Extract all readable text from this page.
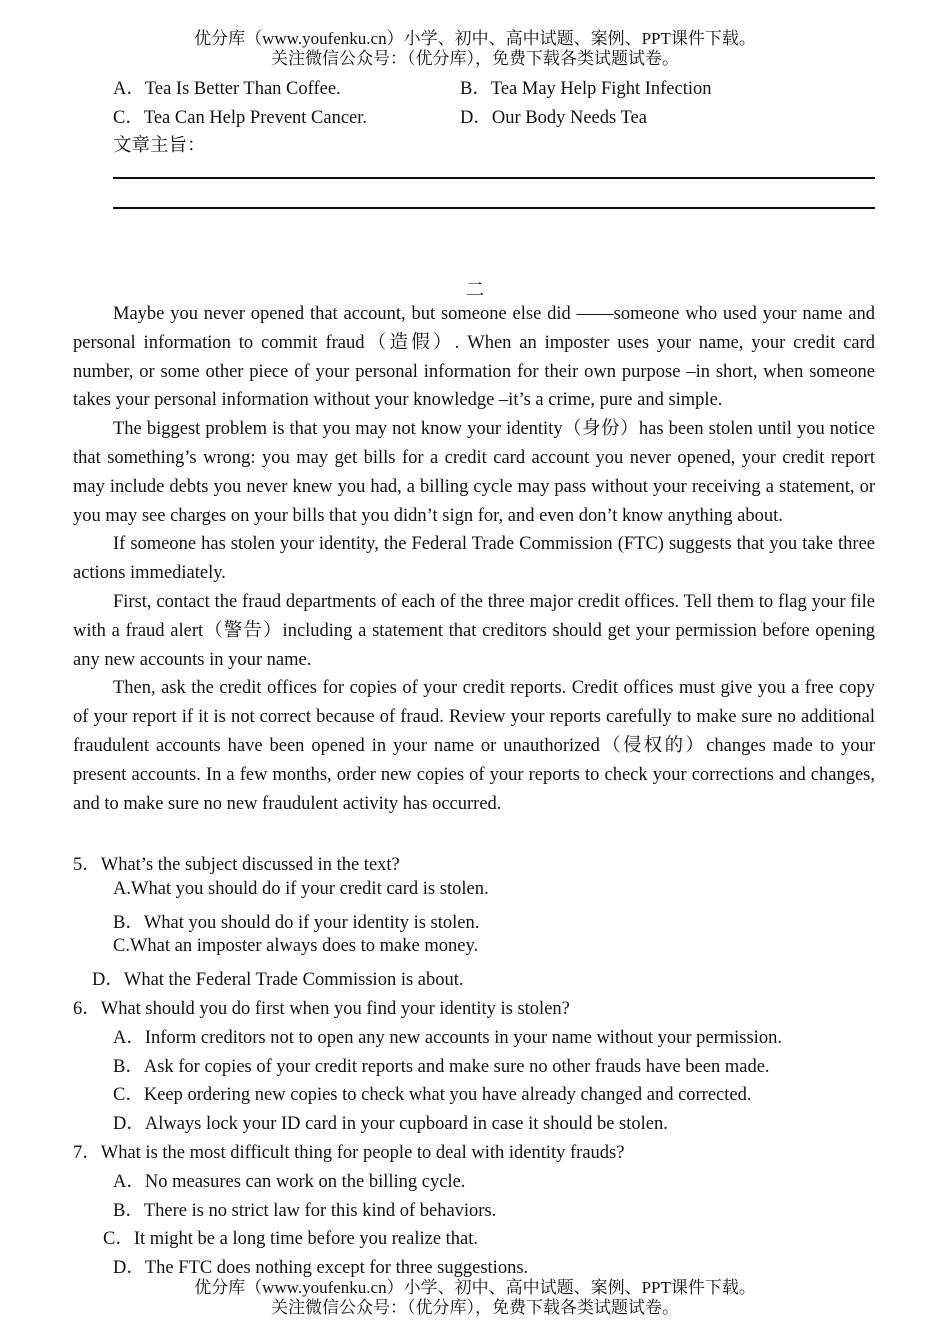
优分库（www.youfenku.cn）小学、初中、高中试题、案例、PPT课件下载。
关注微信公众号：（优分库），免费下载各类试题试卷。
A．Tea Is Better Than Coffee.	B．Tea May Help Fight Infection
C．Tea Can Help Prevent Cancer.	D．Our Body Needs Tea
文章主旨：
二

Maybe you never opened that account, but someone else did ——someone who used your name and personal information to commit fraud（造假）. When an imposter uses your name, your credit card number, or some other piece of your personal information for their own purpose –in short, when someone takes your personal information without your knowledge –it’s a crime, pure and simple.

The biggest problem is that you may not know your identity（身份）has been stolen until you notice that something’s wrong: you may get bills for a credit card account you never opened, your credit report may include debts you never knew you had, a billing cycle may pass without your receiving a statement, or you may see charges on your bills that you didn’t sign for, and even don’t know anything about.

If someone has stolen your identity, the Federal Trade Commission (FTC) suggests that you take three actions immediately.

First, contact the fraud departments of each of the three major credit offices. Tell them to flag your file with a fraud alert（警告）including a statement that creditors should get your permission before opening any new accounts in your name.

Then, ask the credit offices for copies of your credit reports. Credit offices must give you a free copy of your report if it is not correct because of fraud. Review your reports carefully to make sure no additional fraudulent accounts have been opened in your name or unauthorized（侵权的）changes made to your present accounts. In a few months, order new copies of your reports to check your corrections and changes, and to make sure no new fraudulent activity has occurred.

5．What’s the subject discussed in the text?
A.What you should do if your credit card is stolen.
B．What you should do if your identity is stolen.
C.What an imposter always does to make money.
D．What the Federal Trade Commission is about.
6．What should you do first when you find your identity is stolen?
A．Inform creditors not to open any new accounts in your name without your permission.
B．Ask for copies of your credit reports and make sure no other frauds have been made.
C．Keep ordering new copies to check what you have already changed and corrected.
D．Always lock your ID card in your cupboard in case it should be stolen.
7．What is the most difficult thing for people to deal with identity frauds?
A．No measures can work on the billing cycle.
B．There is no strict law for this kind of behaviors.
C．It might be a long time before you realize that.
D．The FTC does nothing except for three suggestions.
优分库（www.youfenku.cn）小学、初中、高中试题、案例、PPT课件下载。
关注微信公众号：（优分库），免费下载各类试题试卷。
